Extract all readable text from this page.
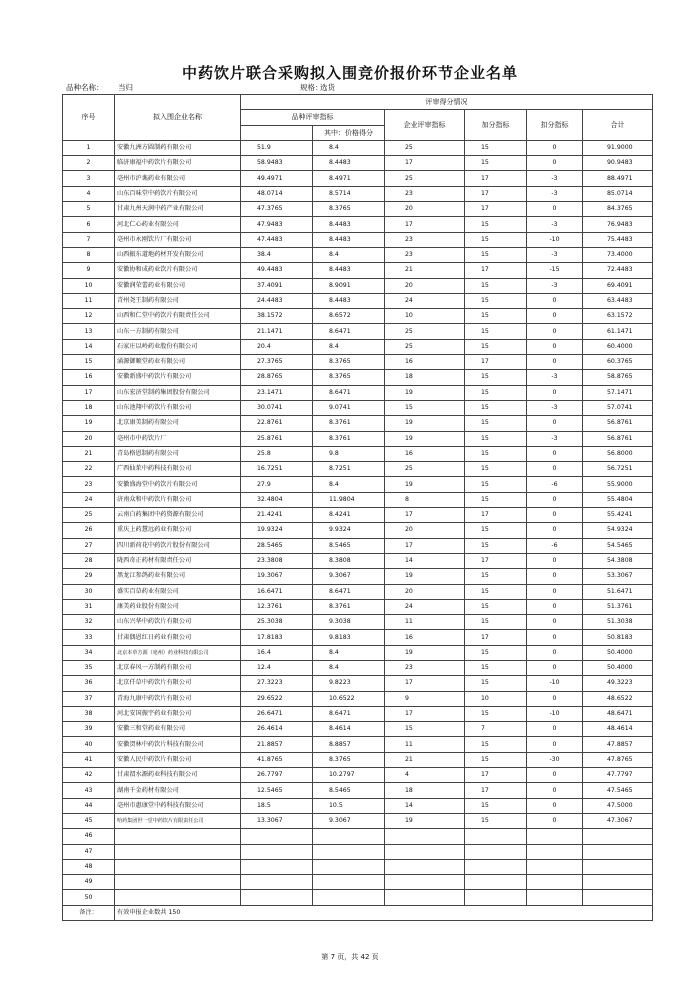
中药饮片联合采购拟入围竞价报价环节企业名单
品种名称： 当归	规格：
选货
序号	拟入围企业名称	评审得分情况					
		品种评审指标		企业评审指标	加分指标	扣分指标	合计
			其中：价格得分				
1	安徽九洲方圆制药有限公司	51.9	8.4	25	15	0	91.9000
2	临济康福中药饮片有限公司	58.9483	8.4483	17	15	0	90.9483
3	亳州市沪谯药业有限公司	49.4971	8.4971	25	17	-3	88.4971
4	山东百味堂中药饮片有限公司	48.0714	8.5714	23	17	-3	85.0714
5	甘肃九州天润中药产业有限公司	47.3765	8.3765	20	17	0	84.3765
6	河北仁心药业有限公司	47.9483	8.4483	17	15	-3	76.9483
7	亳州市永刚饮片厂有限公司	47.4483	8.4483	23	15	-10	75.4483
8	山西振东道地药材开发有限公司	38.4	8.4	23	15	-3	73.4000
9	安徽协和成药业饮片有限公司	49.4483	8.4483	21	17	-15	72.4483
10	安徽润荣蕾药业有限公司	37.4091	8.9091	20	15	-3	69.4091
11	青州尧王制药有限公司	24.4483	8.4483	24	15	0	63.4483
12	山西和仁堂中药饮片有限责任公司	38.1572	8.6572	10	15	0	63.1572
13	山东一方制药有限公司	21.1471	8.6471	25	15	0	61.1471
14	石家庄以岭药业股份有限公司	20.4	8.4	25	15	0	60.4000
15	涌源御顺堂药业有限公司	27.3765	8.3765	16	17	0	60.3765
16	安徽新盛中药饮片有限公司	28.8765	8.3765	18	15	-3	58.8765
17	山东宏济堂制药集团股份有限公司	23.1471	8.6471	19	15	0	57.1471
18	山东池翔中药饮片有限公司	30.0741	9.0741	15	15	-3	57.0741
19	北京康美制药有限公司	22.8761	8.3761	19	15	0	56.8761
20	亳州市中药饮片厂	25.8761	8.3761	19	15	-3	56.8761
21	青岛格恩制药有限公司	25.8	9.8	16	15	0	56.8000
22	广西仙茱中药科技有限公司	16.7251	8.7251	25	15	0	56.7251
23	安徽盛海堂中药饮片有限公司	27.9	8.4	19	15	-6	55.9000
24	济南众和中药饮片有限公司	32.4804	11.9804	8	15	0	55.4804
25	云南白药集团中药资源有限公司	21.4241	8.4241	17	17	0	55.4241
26	重庆上药慧远药业有限公司	19.9324	9.9324	20	15	0	54.9324
27	四川新荷花中药饮片股份有限公司	28.5465	8.5465	17	15	-6	54.5465
28	陇西奇正药材有限责任公司	23.3808	8.3808	14	17	0	54.3808
29	黑龙江参鸽药业有限公司	19.3067	9.3067	19	15	0	53.3067
30	盛实百草药业有限公司	16.6471	8.6471	20	15	0	51.6471
31	康美药业股份有限公司	12.3761	8.3761	24	15	0	51.3761
32	山东兴华中药饮片有限公司	25.3038	9.3038	11	15	0	51.3038
33	甘肃偶恩红日药业有限公司	17.8183	9.8183	16	17	0	50.8183
34	北京本草方源（亳州）药业科技有限公司	16.4	8.4	19	15	0	50.4000
35	北京春风一方制药有限公司	12.4	8.4	23	15	0	50.4000
36	北京仟草中药饮片有限公司	27.3223	9.8223	17	15	-10	49.3223
37	青海九康中药饮片有限公司	29.6522	10.6522	9	10	0	48.6522
38	河北安国振宇药业有限公司	26.6471	8.6471	17	15	-10	48.6471
39	安徽三和堂药业有限公司	26.4614	8.4614	15	7	0	48.4614
40	安徽贺林中药饮片科技有限公司	21.8857	8.8857	11	15	0	47.8857
41	安徽人民中药饮片有限公司	41.8765	8.3765	21	15	-30	47.8765
42	甘肃渭水源药业科技有限公司	26.7797	10.2797	4	17	0	47.7797
43	湖南千金药材有限公司	12.5465	8.5465	18	17	0	47.5465
44	亳州市惠康堂中药科技有限公司	18.5	10.5	14	15	0	47.5000
45	哈药集团世一堂中药饮片有限责任公司	13.3067	9.3067	19	15	0	47.3067
46							
47							
48							
49							
50							
备注：	有效申报企业数共 150						
第 7 页，共 42 页
